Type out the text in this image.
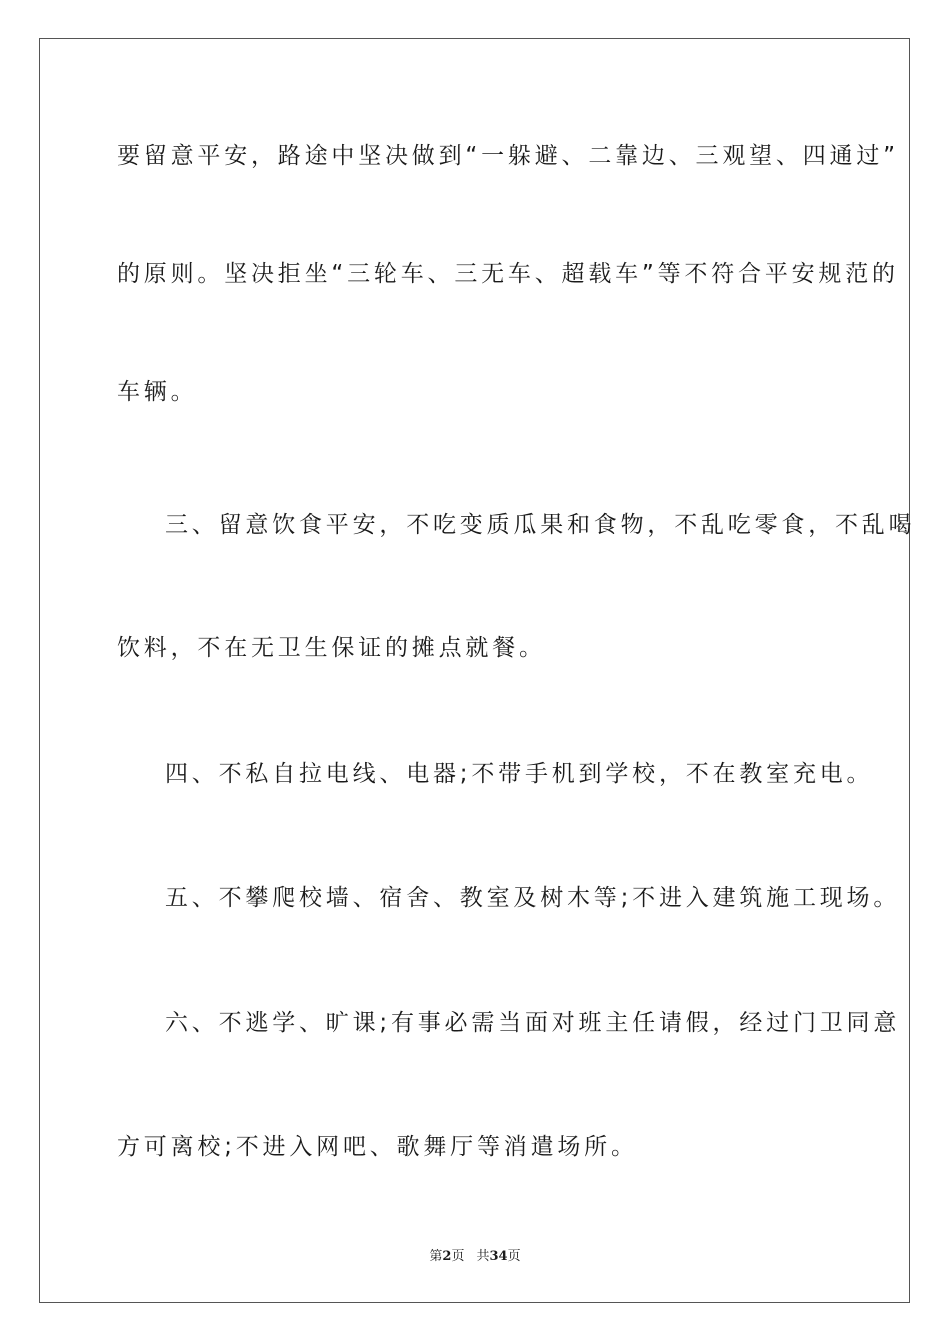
要留意平安，路途中坚决做到“一躲避、二靠边、三观望、四通过”
的原则。坚决拒坐“三轮车、三无车、超载车”等不符合平安规范的
车辆。
三、留意饮食平安，不吃变质瓜果和食物，不乱吃零食，不乱喝
饮料，不在无卫生保证的摊点就餐。
四、不私自拉电线、电器;不带手机到学校，不在教室充电。
五、不攀爬校墙、宿舍、教室及树木等;不进入建筑施工现场。
六、不逃学、旷课;有事必需当面对班主任请假，经过门卫同意
方可离校;不进入网吧、歌舞厅等消遣场所。
第2页 共34页
